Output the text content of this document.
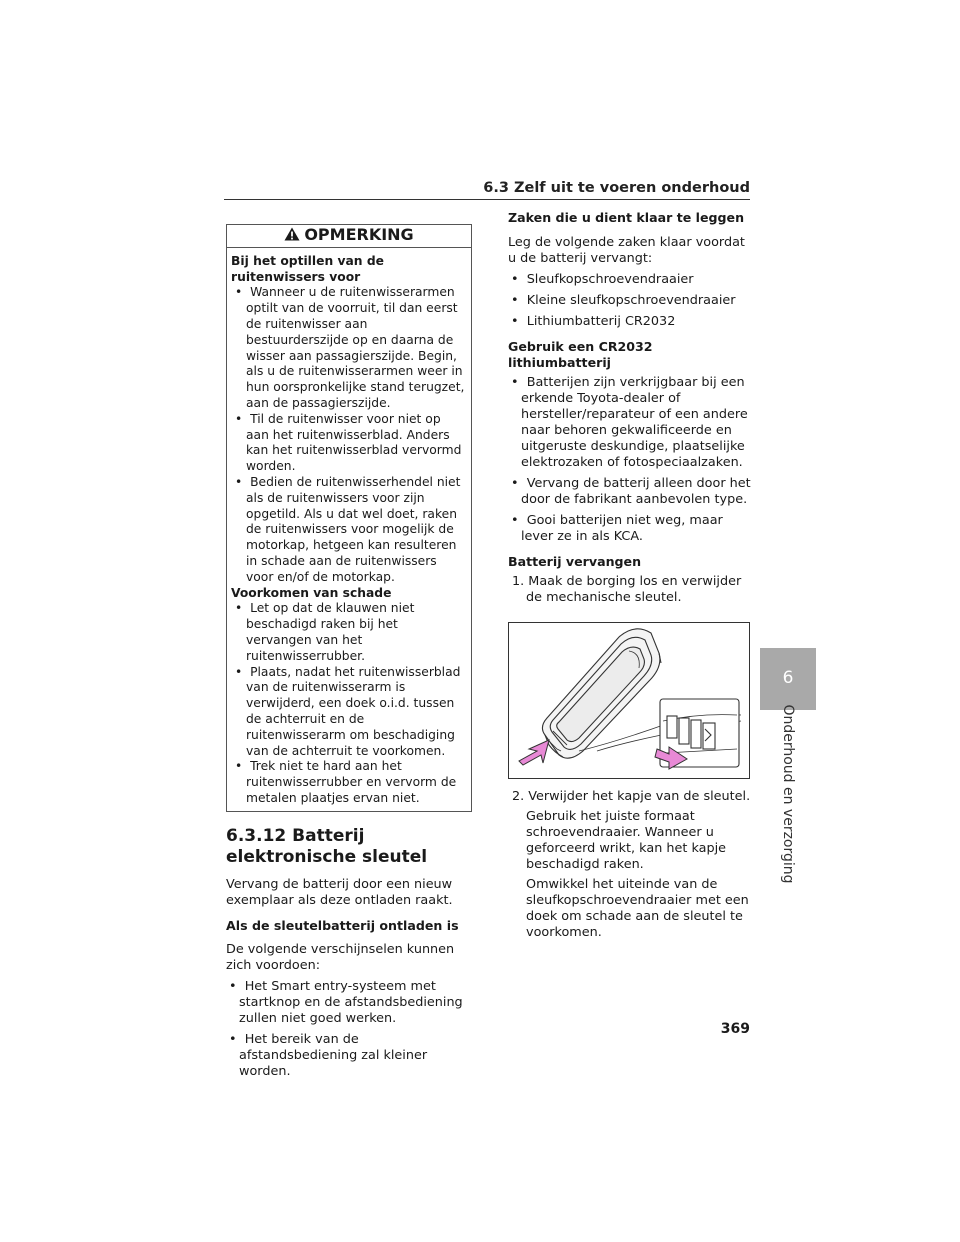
6.3 Zelf uit te voeren onderhoud
6
Onderhoud en verzorging
OPMERKING
Bij het optillen van de ruitenwissers voor
•  Wanneer u de ruitenwisserarmen optilt van de voorruit, til dan eerst de ruitenwisser aan bestuurderszijde op en daarna de wisser aan passagierszijde. Begin, als u de ruitenwisserarmen weer in hun oorspronkelijke stand terugzet, aan de passagierszijde.
•  Til de ruitenwisser voor niet op aan het ruitenwisserblad. Anders kan het ruitenwisserblad vervormd worden.
•  Bedien de ruitenwisserhendel niet als de ruitenwissers voor zijn opgetild. Als u dat wel doet, raken de ruitenwissers voor mogelijk de motorkap, hetgeen kan resulteren in schade aan de ruitenwissers voor en/of de motorkap.
Voorkomen van schade
•  Let op dat de klauwen niet beschadigd raken bij het vervangen van het ruitenwisserrubber.
•  Plaats, nadat het ruitenwisserblad van de ruitenwisserarm is verwijderd, een doek o.i.d. tussen de achterruit en de ruitenwisserarm om beschadiging van de achterruit te voorkomen.
•  Trek niet te hard aan het ruitenwisserrubber en vervorm de metalen plaatjes ervan niet.
6.3.12 Batterij elektronische sleutel
Vervang de batterij door een nieuw exemplaar als deze ontladen raakt.
Als de sleutelbatterij ontladen is
De volgende verschijnselen kunnen zich voordoen:
•  Het Smart entry-systeem met startknop en de afstandsbediening zullen niet goed werken.
•  Het bereik van de afstandsbediening zal kleiner worden.
Zaken die u dient klaar te leggen
Leg de volgende zaken klaar voordat u de batterij vervangt:
•  Sleufkopschroevendraaier
•  Kleine sleufkopschroevendraaier
•  Lithiumbatterij CR2032
Gebruik een CR2032 lithiumbatterij
•  Batterijen zijn verkrijgbaar bij een erkende Toyota-dealer of hersteller/reparateur of een andere naar behoren gekwalificeerde en uitgeruste deskundige, plaatselijke elektrozaken of fotospeciaalzaken.
•  Vervang de batterij alleen door het door de fabrikant aanbevolen type.
•  Gooi batterijen niet weg, maar lever ze in als KCA.
Batterij vervangen
1. Maak de borging los en verwijder de mechanische sleutel.
2. Verwijder het kapje van de sleutel.
Gebruik het juiste formaat schroevendraaier. Wanneer u geforceerd wrikt, kan het kapje beschadigd raken.
Omwikkel het uiteinde van de sleufkopschroevendraaier met een doek om schade aan de sleutel te voorkomen.
369
